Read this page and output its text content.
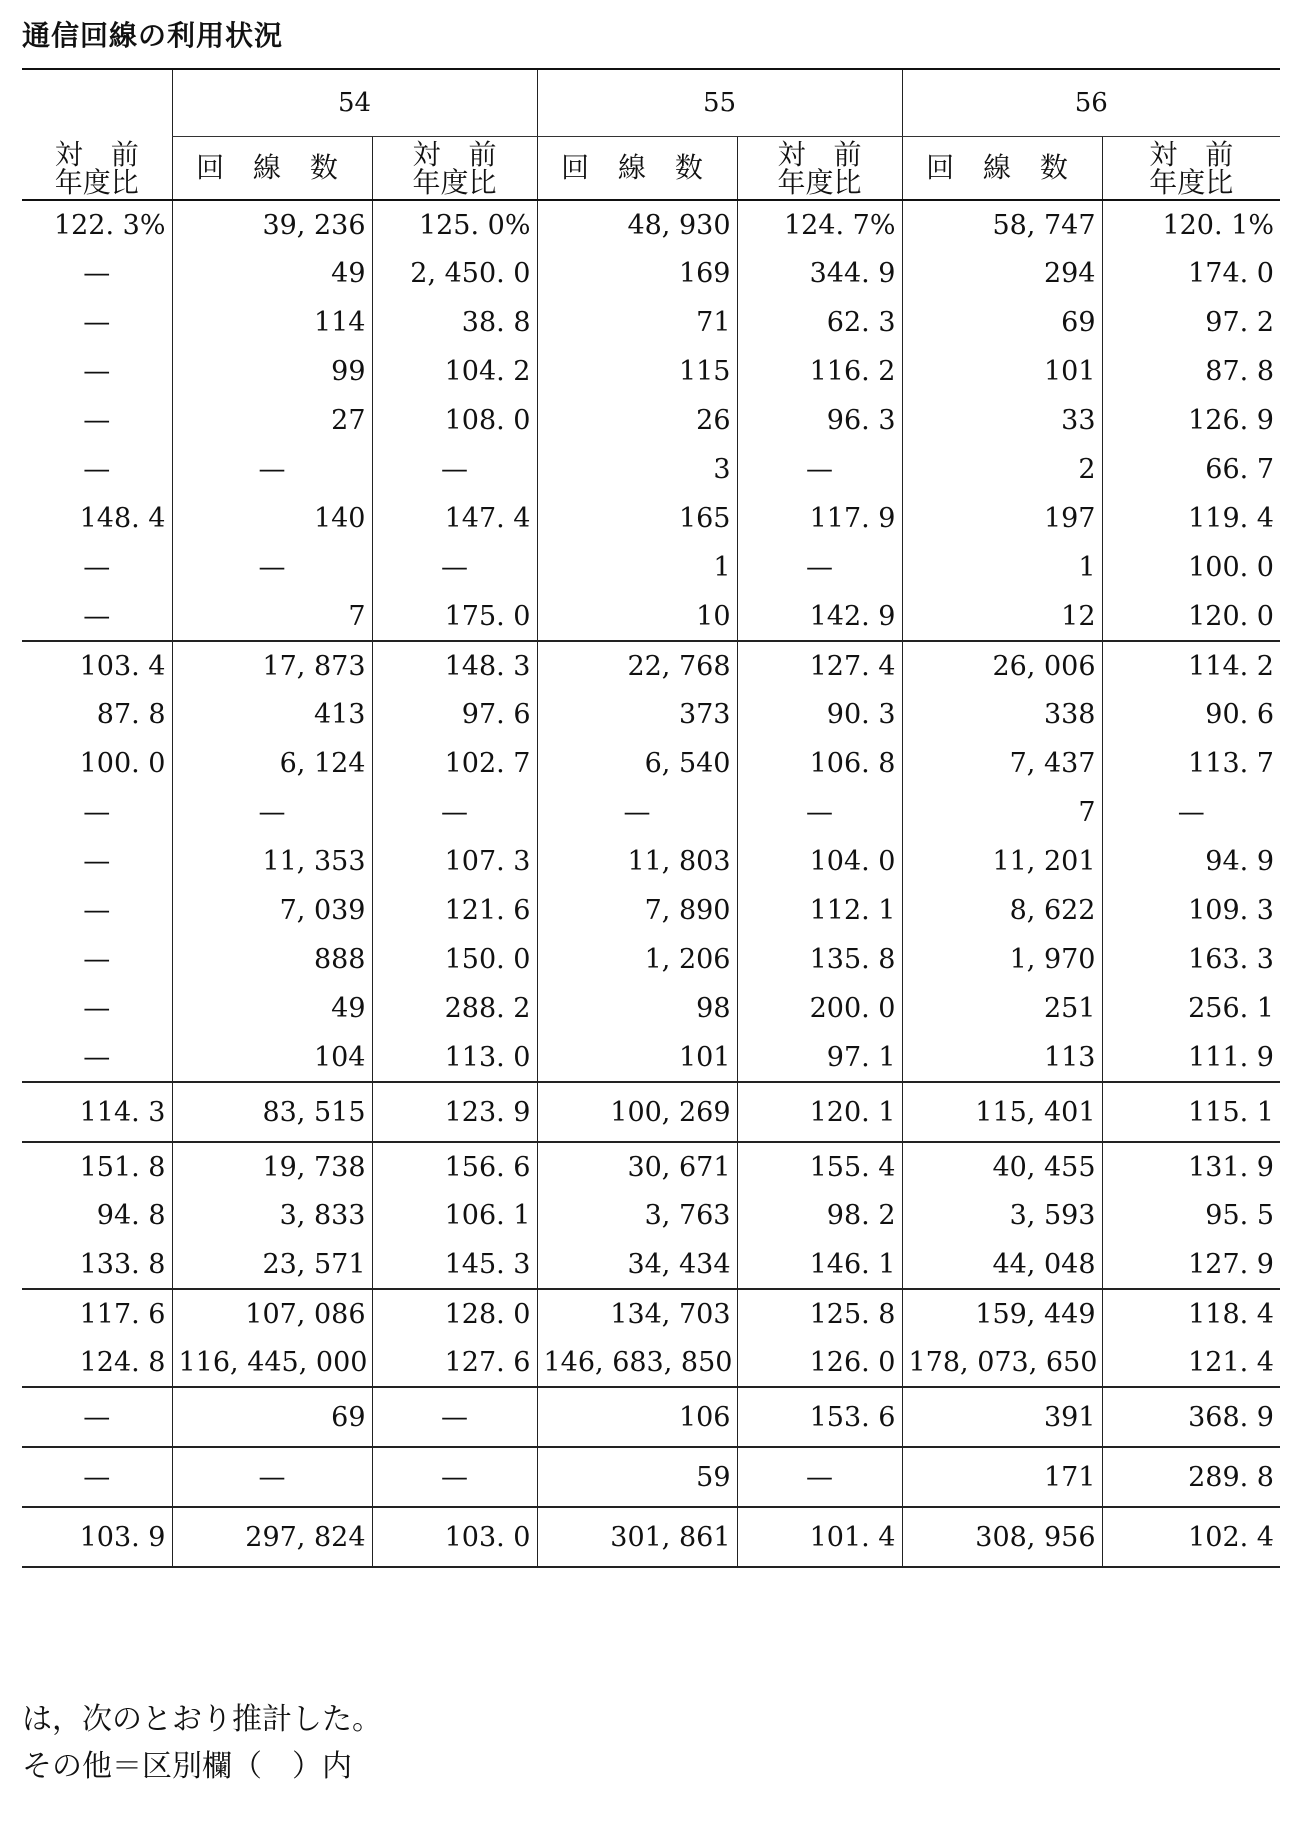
通信回線の利用状況
	54		55		56	

対　前
年度比	回 線 数	対　前
年度比	回 線 数	対　前
年度比	回 線 数	対　前
年度比

122. 3%	39, 236	125. 0%	48, 930	124. 7%	58, 747	120. 1%
—	49	2, 450. 0	169	344. 9	294	174. 0
—	114	38. 8	71	62. 3	69	97. 2
—	99	104. 2	115	116. 2	101	87. 8
—	27	108. 0	26	96. 3	33	126. 9
—	—	—	3	—	2	66. 7
148. 4	140	147. 4	165	117. 9	197	119. 4
—	—	—	1	—	1	100. 0
—	7	175. 0	10	142. 9	12	120. 0
103. 4	17, 873	148. 3	22, 768	127. 4	26, 006	114. 2
87. 8	413	97. 6	373	90. 3	338	90. 6
100. 0	6, 124	102. 7	6, 540	106. 8	7, 437	113. 7
—	—	—	—	—	7	—
—	11, 353	107. 3	11, 803	104. 0	11, 201	94. 9
—	7, 039	121. 6	7, 890	112. 1	8, 622	109. 3
—	888	150. 0	1, 206	135. 8	1, 970	163. 3
—	49	288. 2	98	200. 0	251	256. 1
—	104	113. 0	101	97. 1	113	111. 9
114. 3	83, 515	123. 9	100, 269	120. 1	115, 401	115. 1
151. 8	19, 738	156. 6	30, 671	155. 4	40, 455	131. 9
94. 8	3, 833	106. 1	3, 763	98. 2	3, 593	95. 5
133. 8	23, 571	145. 3	34, 434	146. 1	44, 048	127. 9
117. 6	107, 086	128. 0	134, 703	125. 8	159, 449	118. 4
124. 8	116, 445, 000	127. 6	146, 683, 850	126. 0	178, 073, 650	121. 4
—	69	—	106	153. 6	391	368. 9
—	—	—	59	—	171	289. 8
103. 9	297, 824	103. 0	301, 861	101. 4	308, 956	102. 4
は，次のとおり推計した。
その他＝区別欄（　）内
